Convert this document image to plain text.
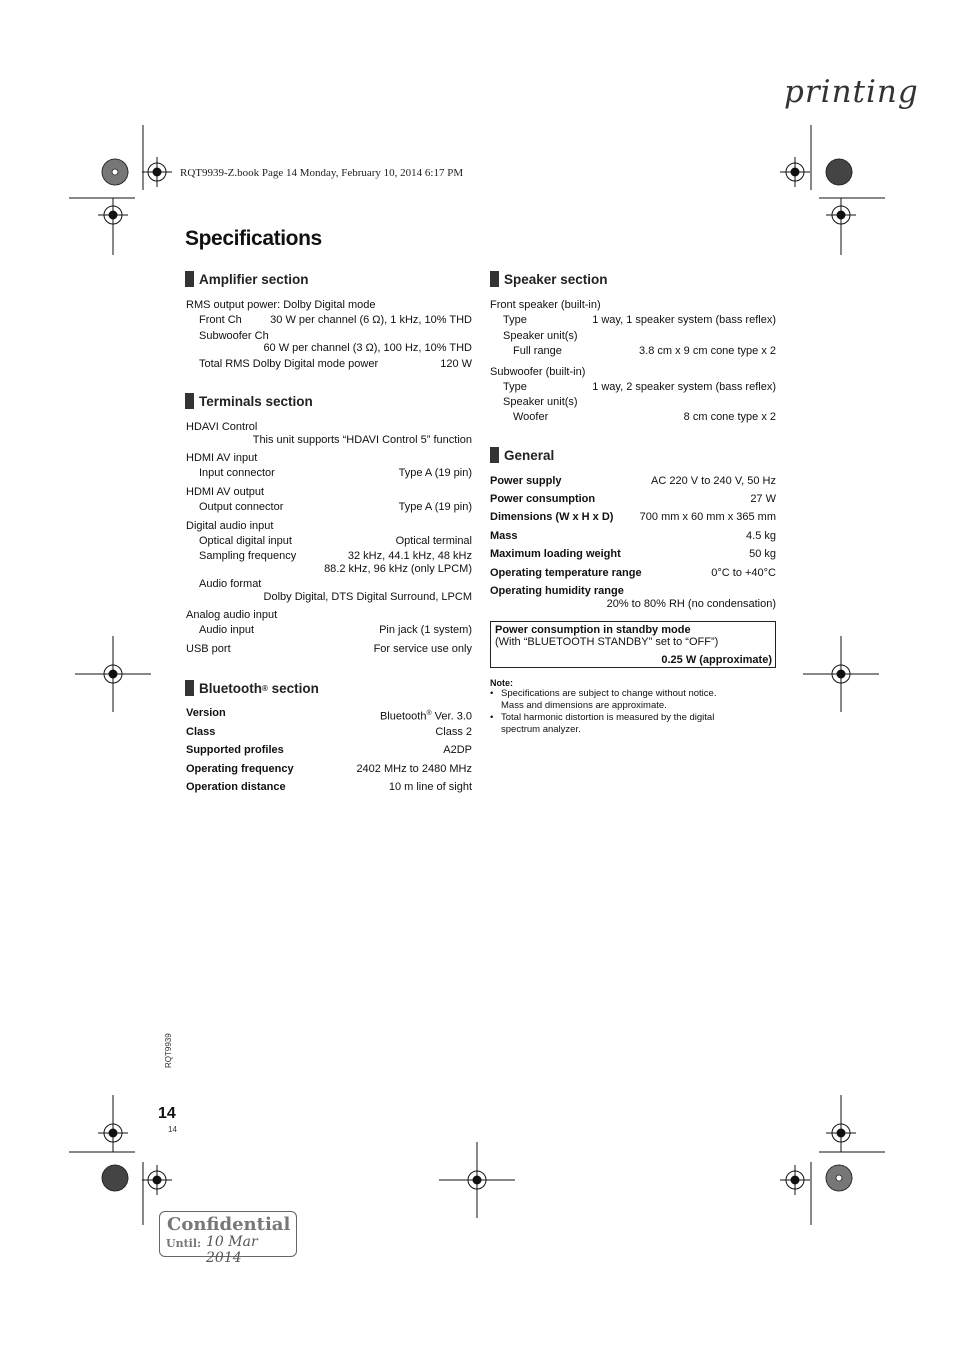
printing
RQT9939-Z.book Page 14 Monday, February 10, 2014 6:17 PM
Specifications
Amplifier section
RMS output power: Dolby Digital mode
Front Ch	30 W per channel (6 Ω), 1 kHz, 10% THD
Subwoofer Ch
60 W per channel (3 Ω), 100 Hz, 10% THD
Total RMS Dolby Digital mode power	120 W
Terminals section
HDAVI Control
This unit supports “HDAVI Control 5” function
HDMI AV input
Input connector	Type A (19 pin)
HDMI AV output
Output connector	Type A (19 pin)
Digital audio input
Optical digital input	Optical terminal
Sampling frequency	32 kHz, 44.1 kHz, 48 kHz
88.2 kHz, 96 kHz (only LPCM)
Audio format
Dolby Digital, DTS Digital Surround, LPCM
Analog audio input
Audio input	Pin jack (1 system)
USB port	For service use only
Bluetooth ® section
Version	Bluetooth® Ver. 3.0
Class	Class 2
Supported profiles	A2DP
Operating frequency	2402 MHz to 2480 MHz
Operation distance	10 m line of sight
Speaker section
Front speaker (built-in)
Type	1 way, 1 speaker system (bass reflex)
Speaker unit(s)
Full range	3.8 cm x 9 cm cone type x 2
Subwoofer (built-in)
Type	1 way, 2 speaker system (bass reflex)
Speaker unit(s)
Woofer	8 cm cone type x 2
General
Power supply	AC 220 V to 240 V, 50 Hz
Power consumption	27 W
Dimensions (W x H x D) 700 mm x 60 mm x 365 mm
Mass	4.5 kg
Maximum loading weight	50 kg
Operating temperature range	0°C to +40°C
Operating humidity range
20% to 80% RH (no condensation)
Power consumption in standby mode
(With “BLUETOOTH STANDBY” set to “OFF”)
0.25 W (approximate)
Note:
• Specifications are subject to change without notice.
Mass and dimensions are approximate.
• Total harmonic distortion is measured by the digital
spectrum analyzer.
RQT9939
14
14
Confidential
Until: 10 Mar 2014
